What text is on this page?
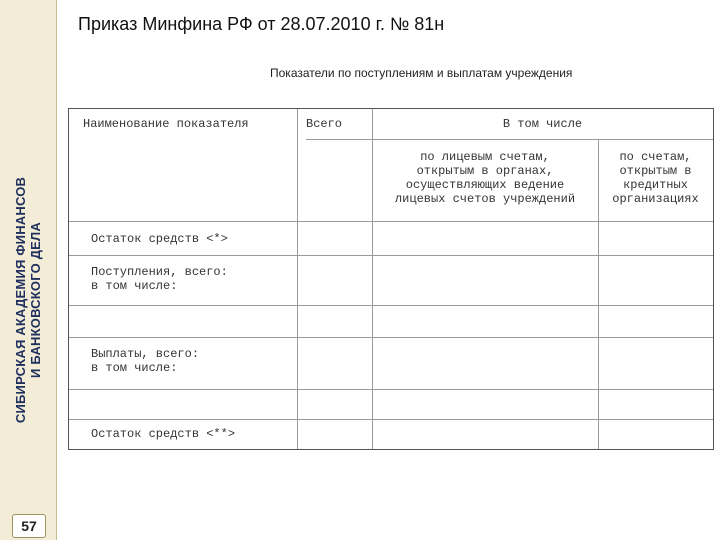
СИБИРСКАЯ АКАДЕМИЯ ФИНАНСОВ И БАНКОВСКОГО ДЕЛА
57
Приказ Минфина РФ от 28.07.2010 г. № 81н
Показатели по поступлениям и выплатам учреждения
Наименование показателя	Всего	В том числе
по лицевым счетам,
открытым в органах,
осуществляющих ведение
лицевых счетов учреждений
по счетам,
открытым в
кредитных
организациях
Остаток средств <*>
Поступления, всего:
в том числе:
Выплаты, всего:
в том числе:
Остаток средств <**>
